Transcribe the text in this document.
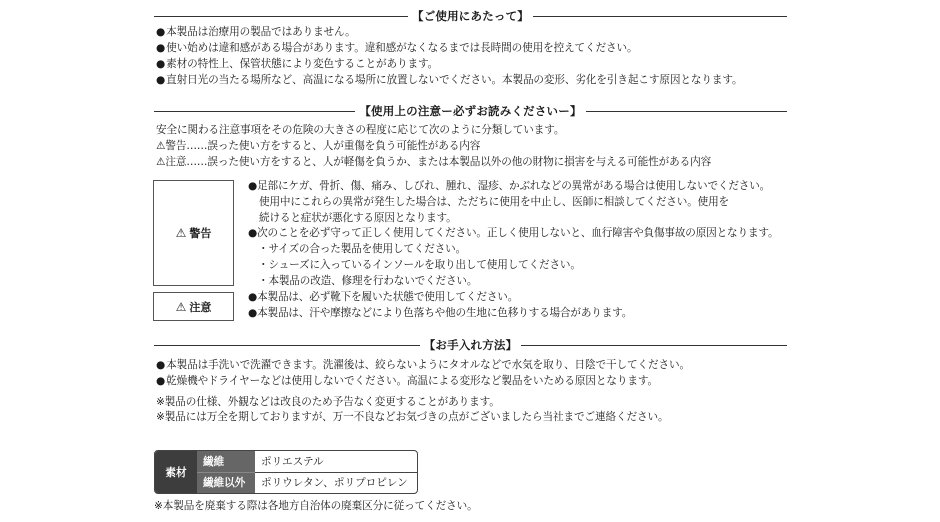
【ご使用にあたって】
● 本製品は治療用の製品ではありません。
● 使い始めは違和感がある場合があります。違和感がなくなるまでは長時間の使用を控えてください。
● 素材の特性上、保管状態により変色することがあります。
● 直射日光の当たる場所など、高温になる場所に放置しないでください。本製品の変形、劣化を引き起こす原因となります。
【使用上の注意ー必ずお読みくださいー】
安全に関わる注意事項をその危険の大きさの程度に応じて次のように分類しています。
⚠警告……誤った使い方をすると、人が重傷を負う可能性がある内容
⚠注意……誤った使い方をすると、人が軽傷を負うか、または本製品以外の他の財物に損害を与える可能性がある内容
⚠ 警告
⚠ 注意
●足部にケガ、骨折、傷、痛み、しびれ、腫れ、湿疹、かぶれなどの異常がある場合は使用しないでください。
使用中にこれらの異常が発生した場合は、ただちに使用を中止し、医師に相談してください。使用を
続けると症状が悪化する原因となります。
●次のことを必ず守って正しく使用してください。正しく使用しないと、血行障害や負傷事故の原因となります。
・サイズの合った製品を使用してください。
・シューズに入っているインソールを取り出して使用してください。
・本製品の改造、修理を行わないでください。
●本製品は、必ず靴下を履いた状態で使用してください。
●本製品は、汗や摩擦などにより色落ちや他の生地に色移りする場合があります。
【お手入れ方法】
● 本製品は手洗いで洗濯できます。洗濯後は、絞らないようにタオルなどで水気を取り、日陰で干してください。
● 乾燥機やドライヤーなどは使用しないでください。高温による変形など製品をいためる原因となります。
※製品の仕様、外観などは改良のため予告なく変更することがあります。
※製品には万全を期しておりますが、万一不良などお気づきの点がございましたら当社までご連絡ください。
素材
繊維	ポリエステル
繊維以外	ポリウレタン、ポリプロピレン
※本製品を廃棄する際は各地方自治体の廃棄区分に従ってください。
